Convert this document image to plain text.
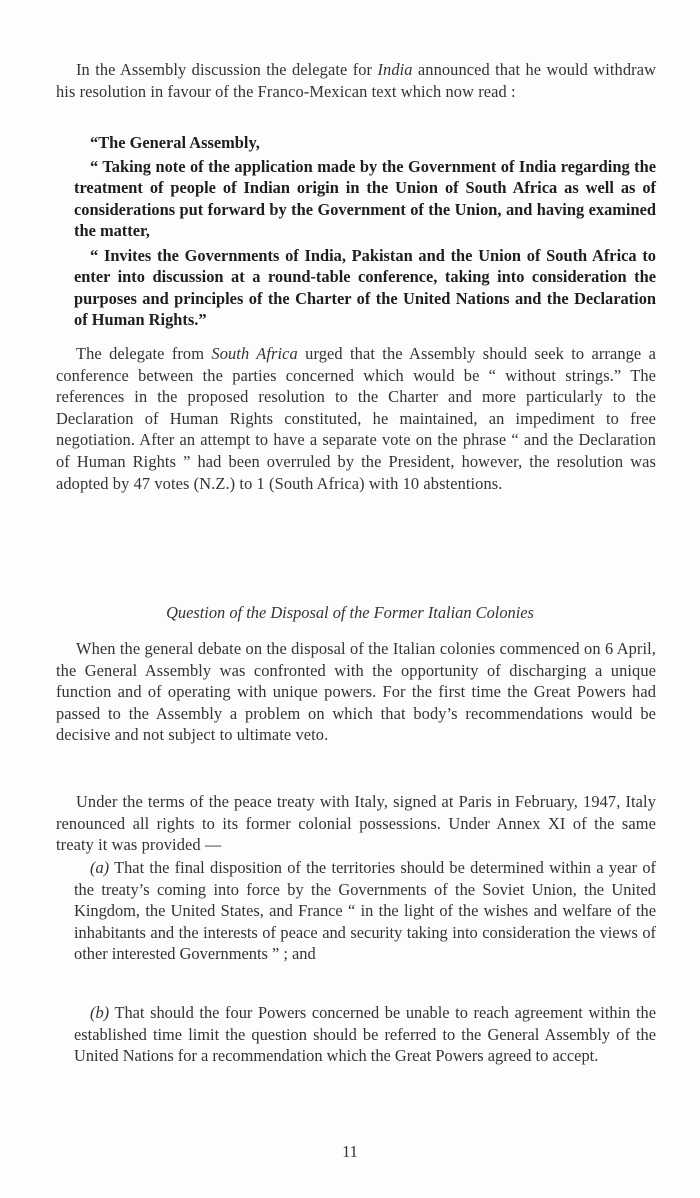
In the Assembly discussion the delegate for India announced that he would withdraw his resolution in favour of the Franco-Mexican text which now read :

“The General Assembly,

“ Taking note of the application made by the Government of India regarding the treatment of people of Indian origin in the Union of South Africa as well as of considerations put forward by the Government of the Union, and having examined the matter,

“ Invites the Governments of India, Pakistan and the Union of South Africa to enter into discussion at a round-table conference, taking into consideration the purposes and principles of the Charter of the United Nations and the Declaration of Human Rights.”

The delegate from South Africa urged that the Assembly should seek to arrange a conference between the parties concerned which would be “ without strings.” The references in the proposed resolution to the Charter and more particularly to the Declaration of Human Rights constituted, he maintained, an impediment to free negotiation. After an attempt to have a separate vote on the phrase “ and the Declaration of Human Rights ” had been overruled by the President, however, the resolution was adopted by 47 votes (N.Z.) to 1 (South Africa) with 10 abstentions.

Question of the Disposal of the Former Italian Colonies

When the general debate on the disposal of the Italian colonies commenced on 6 April, the General Assembly was confronted with the opportunity of discharging a unique function and of operating with unique powers. For the first time the Great Powers had passed to the Assembly a problem on which that body’s recommendations would be decisive and not subject to ultimate veto.

Under the terms of the peace treaty with Italy, signed at Paris in February, 1947, Italy renounced all rights to its former colonial possessions. Under Annex XI of the same treaty it was provided —

(a) That the final disposition of the territories should be determined within a year of the treaty’s coming into force by the Governments of the Soviet Union, the United Kingdom, the United States, and France “ in the light of the wishes and welfare of the inhabitants and the interests of peace and security taking into consideration the views of other interested Governments ” ; and

(b) That should the four Powers concerned be unable to reach agreement within the established time limit the question should be referred to the General Assembly of the United Nations for a recommendation which the Great Powers agreed to accept.

11
